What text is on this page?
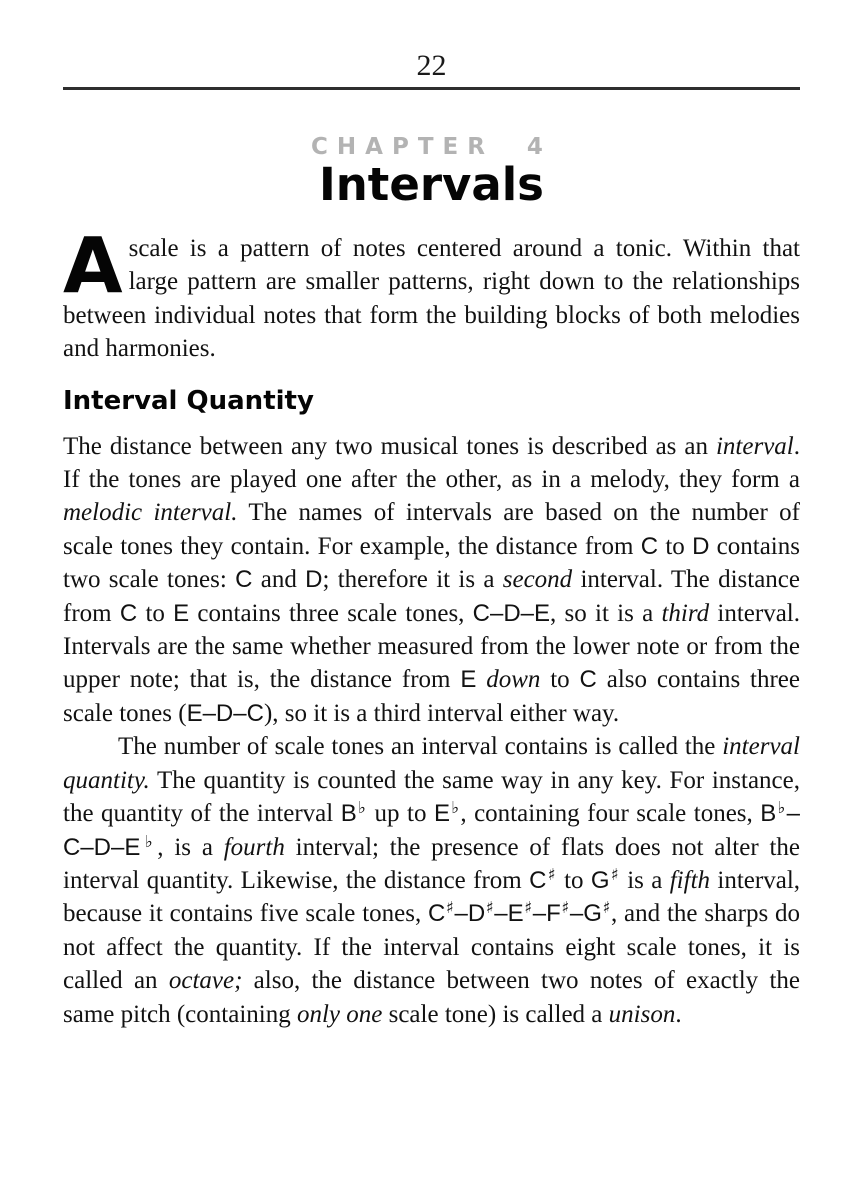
22
CHAPTER 4
Intervals

Ascale is a pattern of notes centered around a tonic. Within that large pattern are smaller patterns, right down to the relationships between individual notes that form the building blocks of both melodies and harmonies.

Interval Quantity

The distance between any two musical tones is described as an interval. If the tones are played one after the other, as in a melody, they form a melodic interval. The names of intervals are based on the number of scale tones they contain. For example, the distance from C to D contains two scale tones: C and D; therefore it is a second interval. The distance from C to E contains three scale tones, C–D–E, so it is a third interval. Intervals are the same whether measured from the lower note or from the upper note; that is, the distance from E down to C also contains three scale tones (E–D–C), so it is a third interval either way.

The number of scale tones an interval contains is called the interval quantity. The quantity is counted the same way in any key. For instance, the quantity of the interval B♭ up to E♭, containing four scale tones, B♭–C–D–E♭, is a fourth interval; the presence of flats does not alter the interval quantity. Likewise, the distance from C♯ to G♯ is a fifth interval, because it contains five scale tones, C♯–D♯–E♯–F♯–G♯, and the sharps do not affect the quantity. If the interval contains eight scale tones, it is called an octave; also, the distance between two notes of exactly the same pitch (containing only one scale tone) is called a unison.
